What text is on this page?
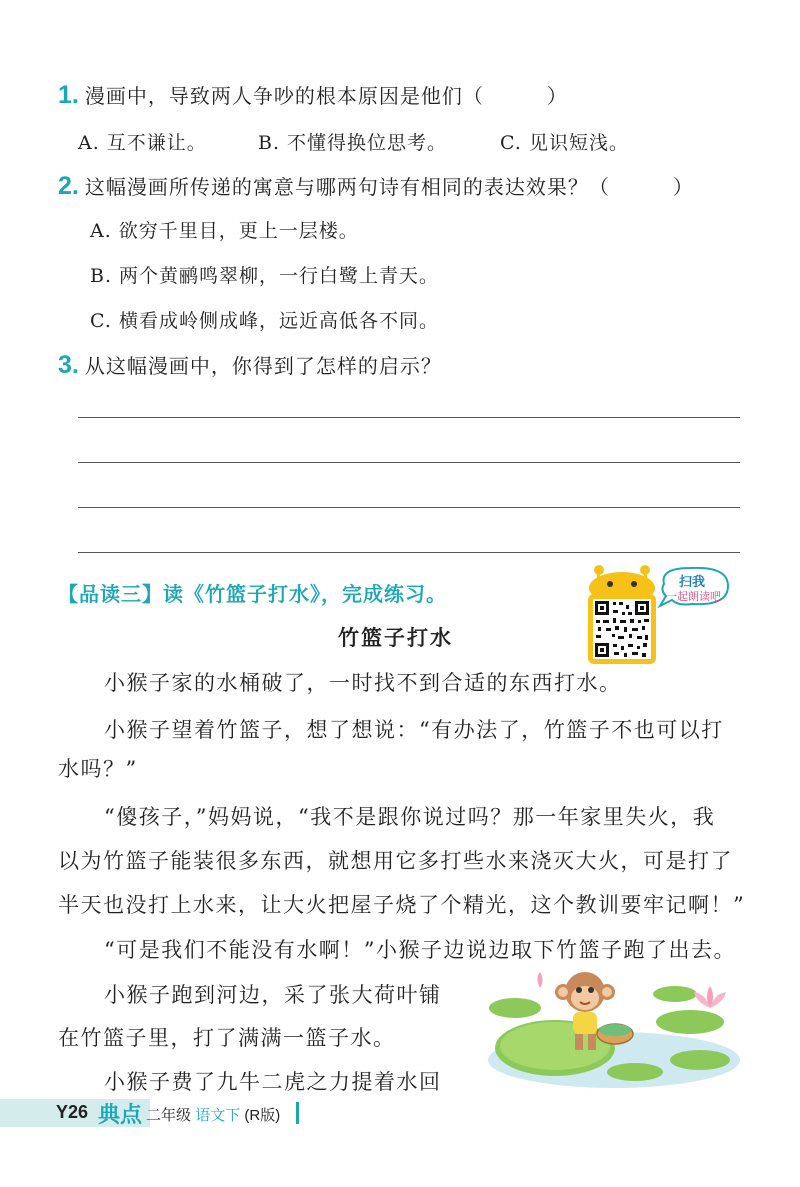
1. 漫画中，导致两人争吵的根本原因是他们（　　　）
A. 互不谦让。	B. 不懂得换位思考。	C. 见识短浅。
2. 这幅漫画所传递的寓意与哪两句诗有相同的表达效果？（　　　）
A. 欲穷千里目，更上一层楼。
B. 两个黄鹂鸣翠柳，一行白鹭上青天。
C. 横看成岭侧成峰，远近高低各不同。
3. 从这幅漫画中，你得到了怎样的启示？
【品读三】读《竹篮子打水》，完成练习。
扫我
一起朗读吧
竹篮子打水
小猴子家的水桶破了，一时找不到合适的东西打水。
小猴子望着竹篮子，想了想说：“有办法了，竹篮子不也可以打
水吗？”
“傻孩子，”妈妈说，“我不是跟你说过吗？那一年家里失火，我
以为竹篮子能装很多东西，就想用它多打些水来浇灭大火，可是打了
半天也没打上水来，让大火把屋子烧了个精光，这个教训要牢记啊！”
“可是我们不能没有水啊！”小猴子边说边取下竹篮子跑了出去。
小猴子跑到河边，采了张大荷叶铺
在竹篮子里，打了满满一篮子水。
小猴子费了九牛二虎之力提着水回
Y26 典点 二年级 语文下 (R版)
